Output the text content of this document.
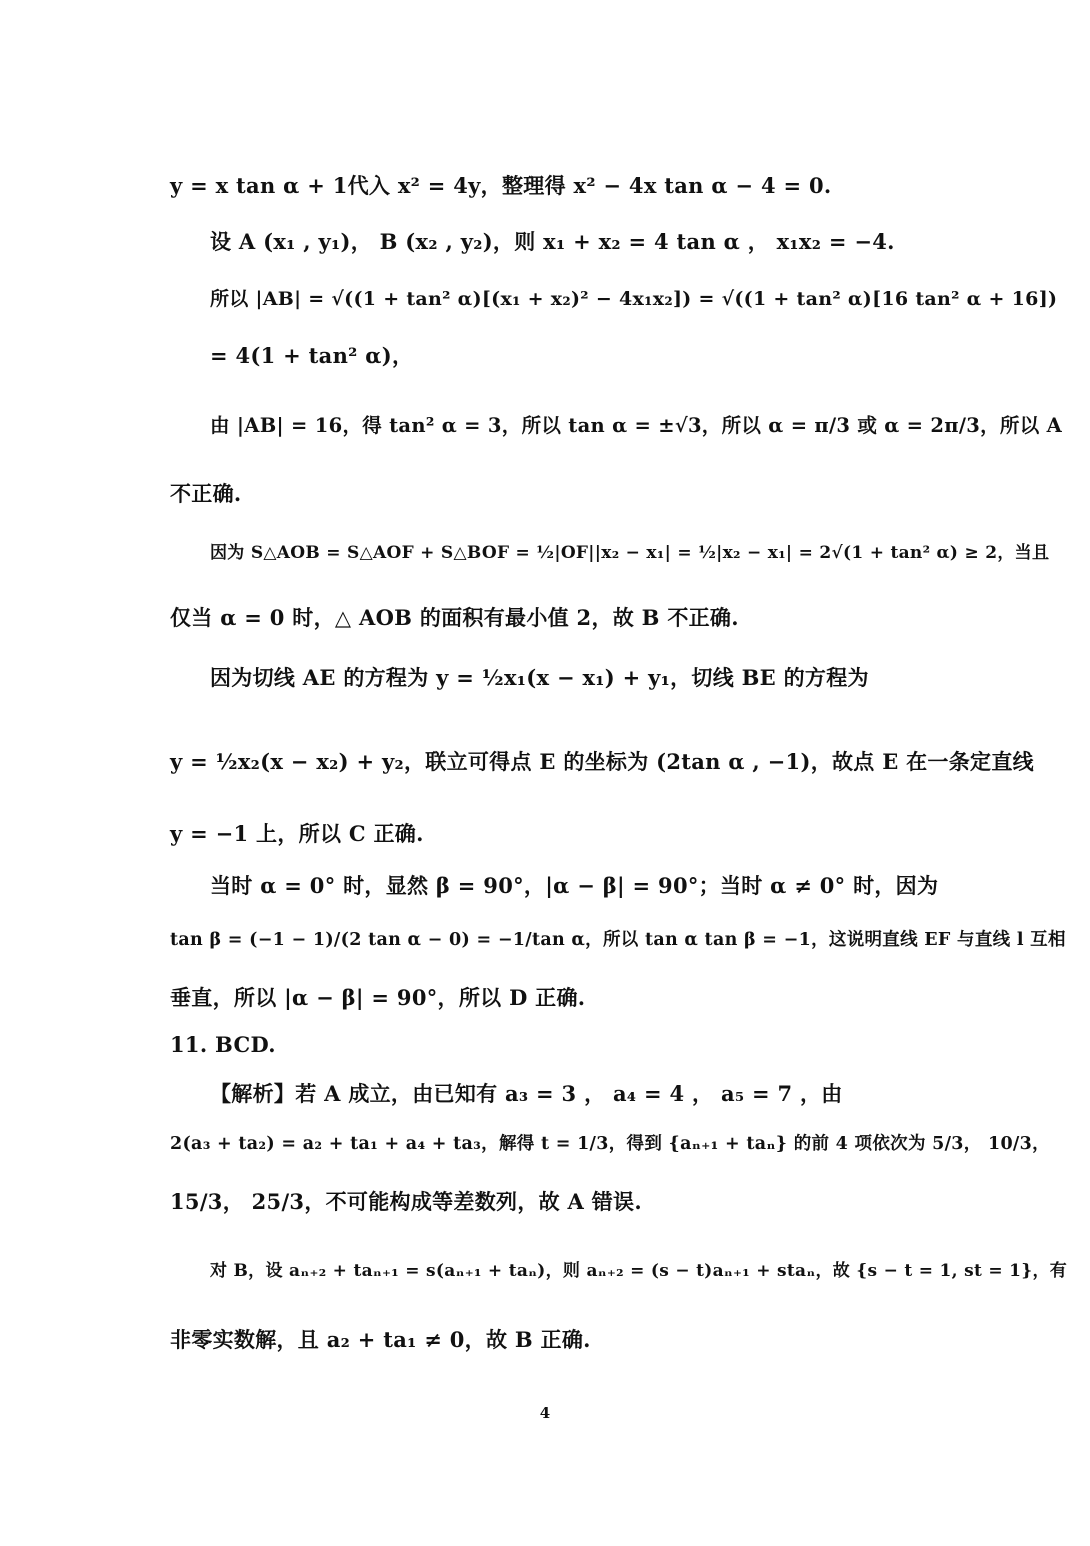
y = x tan α + 1代入 x² = 4y，整理得 x² − 4x tan α − 4 = 0.
设 A (x₁ , y₁)， B (x₂ , y₂)，则 x₁ + x₂ = 4 tan α ， x₁x₂ = −4.
所以 |AB| = √((1 + tan² α)[(x₁ + x₂)² − 4x₁x₂]) = √((1 + tan² α)[16 tan² α + 16])
= 4(1 + tan² α)，
由 |AB| = 16，得 tan² α = 3，所以 tan α = ±√3，所以 α = π/3 或 α = 2π/3，所以 A
不正确.
因为 S△AOB = S△AOF + S△BOF = ½|OF||x₂ − x₁| = ½|x₂ − x₁| = 2√(1 + tan² α) ≥ 2，当且
仅当 α = 0 时，△ AOB 的面积有最小值 2，故 B 不正确.
因为切线 AE 的方程为 y = ½x₁(x − x₁) + y₁，切线 BE 的方程为
y = ½x₂(x − x₂) + y₂，联立可得点 E 的坐标为 (2tan α , −1)，故点 E 在一条定直线
y = −1 上，所以 C 正确.
当时 α = 0° 时，显然 β = 90°，|α − β| = 90°；当时 α ≠ 0° 时，因为
tan β = (−1 − 1)/(2 tan α − 0) = −1/tan α，所以 tan α tan β = −1，这说明直线 EF 与直线 l 互相
垂直，所以 |α − β| = 90°，所以 D 正确.
11. BCD.
【解析】若 A 成立，由已知有 a₃ = 3 ， a₄ = 4 ， a₅ = 7 ，由
2(a₃ + ta₂) = a₂ + ta₁ + a₄ + ta₃，解得 t = 1/3，得到 {aₙ₊₁ + taₙ} 的前 4 项依次为 5/3， 10/3，
15/3， 25/3，不可能构成等差数列，故 A 错误.
对 B，设 aₙ₊₂ + taₙ₊₁ = s(aₙ₊₁ + taₙ)，则 aₙ₊₂ = (s − t)aₙ₊₁ + staₙ，故 {s − t = 1, st = 1}，有
非零实数解，且 a₂ + ta₁ ≠ 0，故 B 正确.
4
